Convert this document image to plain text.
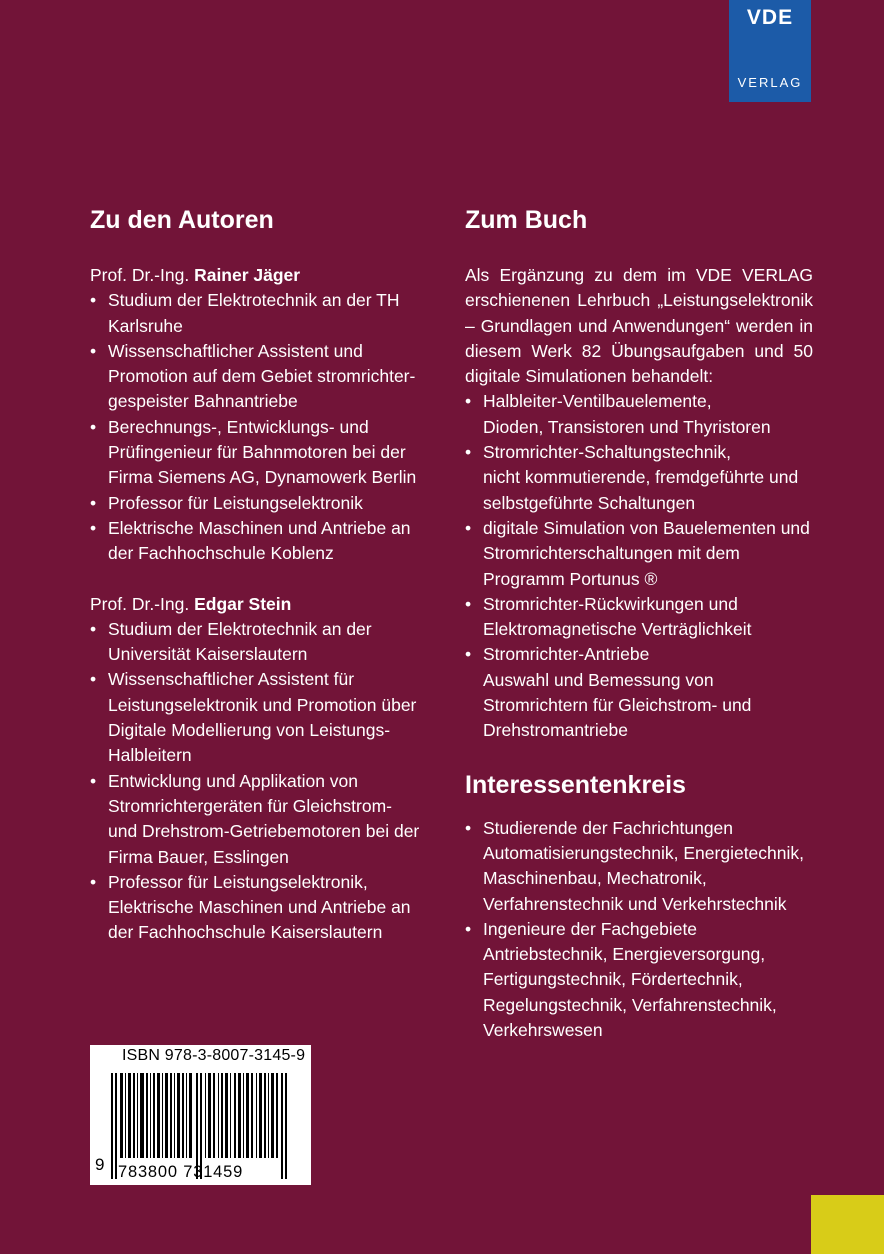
VDE
VERLAG
Zu den Autoren

Prof. Dr.-Ing. Rainer Jäger

• Studium der Elektrotechnik an der TH Karlsruhe
• Wissenschaftlicher Assistent und Promotion auf dem Gebiet stromrichter-gespeister Bahnantriebe
• Berechnungs-, Entwicklungs- und Prüfingenieur für Bahnmotoren bei der Firma Siemens AG, Dynamowerk Berlin
• Professor für Leistungselektronik
• Elektrische Maschinen und Antriebe an der Fachhochschule Koblenz

Prof. Dr.-Ing. Edgar Stein

• Studium der Elektrotechnik an der Universität Kaiserslautern
• Wissenschaftlicher Assistent für Leistungselektronik und Promotion über Digitale Modellierung von Leistungs-Halbleitern
• Entwicklung und Applikation von Stromrichtergeräten für Gleichstrom- und Drehstrom-Getriebemotoren bei der Firma Bauer, Esslingen
• Professor für Leistungselektronik, Elektrische Maschinen und Antriebe an der Fachhochschule Kaiserslautern
Zum Buch

Als Ergänzung zu dem im VDE VERLAG erschienenen Lehrbuch „Leistungselektronik – Grundlagen und Anwendungen“ werden in diesem Werk 82 Übungsaufgaben und 50 digitale Simulationen behandelt:

• Halbleiter-Ventilbauelemente,
Dioden, Transistoren und Thyristoren
• Stromrichter-Schaltungstechnik,
nicht kommutierende, fremdgeführte und selbstgeführte Schaltungen
• digitale Simulation von Bauelementen und Stromrichterschaltungen mit dem Programm Portunus ®
• Stromrichter-Rückwirkungen und Elektromagnetische Verträglichkeit
• Stromrichter-Antriebe
Auswahl und Bemessung von Stromrichtern für Gleichstrom- und Drehstromantriebe
Interessentenkreis
• Studierende der Fachrichtungen Automatisierungstechnik, Energietechnik, Maschinenbau, Mechatronik, Verfahrenstechnik und Verkehrstechnik
• Ingenieure der Fachgebiete Antriebstechnik, Energieversorgung, Fertigungstechnik, Fördertechnik, Regelungstechnik, Verfahrenstechnik, Verkehrswesen
ISBN 978-3-8007-3145-9
9 783800 731459
